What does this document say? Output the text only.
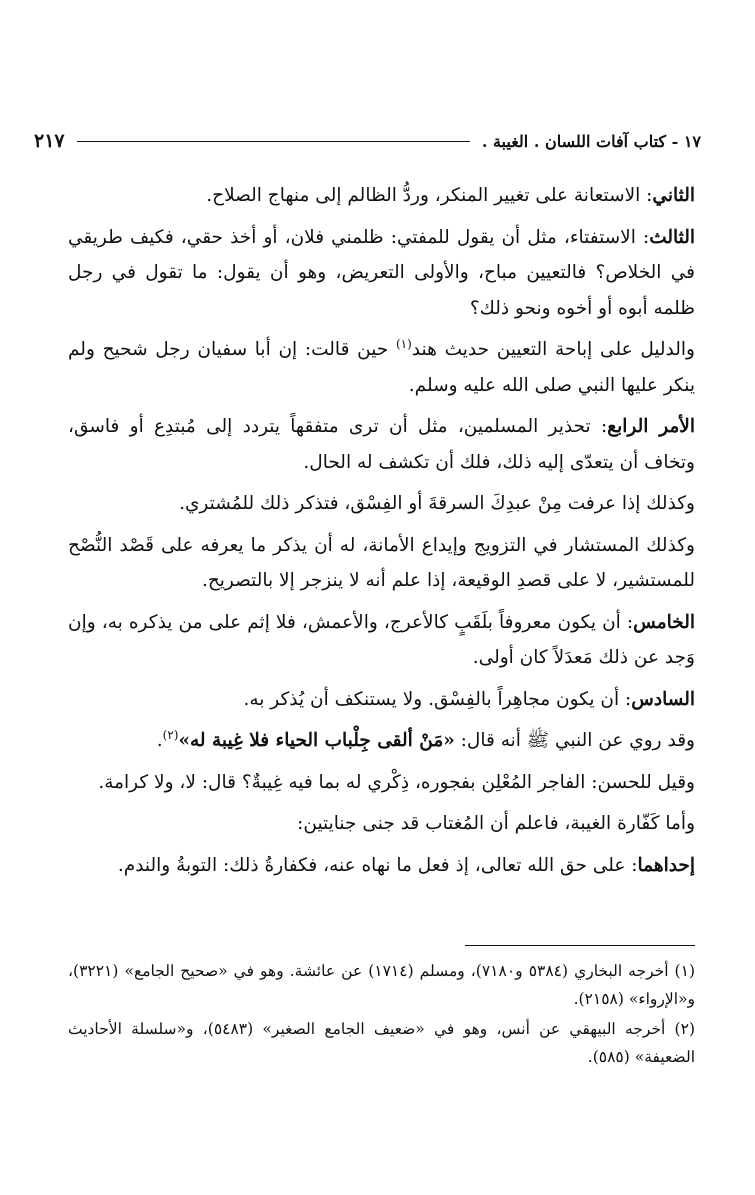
١٧ - كتاب آفات اللسان . الغيبة .
٢١٧

الثاني: الاستعانة على تغيير المنكر، وردُّ الظالم إلى منهاج الصلاح.

الثالث: الاستفتاء، مثل أن يقول للمفتي: ظلمني فلان، أو أخذ حقي، فكيف طريقي في الخلاص؟ فالتعيين مباح، والأولى التعريض، وهو أن يقول: ما تقول في رجل ظلمه أبوه أو أخوه ونحو ذلك؟

والدليل على إباحة التعيين حديث هند$^{(١)}$ حين قالت: إن أبا سفيان رجل شحيح ولم ينكر عليها النبي صلى الله عليه وسلم.

الأمر الرابع: تحذير المسلمين، مثل أن ترى متفقهاً يتردد إلى مُبتدِع أو فاسق، وتخاف أن يتعدّى إليه ذلك، فلك أن تكشف له الحال.

وكذلك إذا عرفت مِنْ عبدِكَ السرقةَ أو الفِسْق، فتذكر ذلك للمُشتري.

وكذلك المستشار في التزويج وإيداع الأمانة، له أن يذكر ما يعرفه على قَصْد النُّصْح للمستشير، لا على قصدِ الوقيعة، إذا علم أنه لا ينزجر إلا بالتصريح.

الخامس: أن يكون معروفاً بلَقَبٍ كالأعرج، والأعمش، فلا إثم على من يذكره به، وإن وَجد عن ذلك مَعدَلاً كان أولى.

السادس: أن يكون مجاهِراً بالفِسْق. ولا يستنكف أن يُذكر به.

وقد روي عن النبي ﷺ أنه قال: «مَنْ ألقى جِلْباب الحياء فلا غِيبة له»$^{(٢)}$.

وقيل للحسن: الفاجر المُعْلِن بفجوره، ذِكْري له بما فيه غِيبةٌ؟ قال: لا، ولا كرامة.

وأما كَفّارة الغيبة، فاعلم أن المُغتاب قد جنى جنايتين:

إحداهما: على حق الله تعالى، إذ فعل ما نهاه عنه، فكفارةُ ذلك: التوبةُ والندم.

(١) أخرجه البخاري (٥٣٨٤ و٧١٨٠)، ومسلم (١٧١٤) عن عائشة. وهو في «صحيح الجامع» (٣٢٢١)، و«الإرواء» (٢١٥٨).

(٢) أخرجه البيهقي عن أنس، وهو في «ضعيف الجامع الصغير» (٥٤٨٣)، و«سلسلة الأحاديث الضعيفة» (٥٨٥).
